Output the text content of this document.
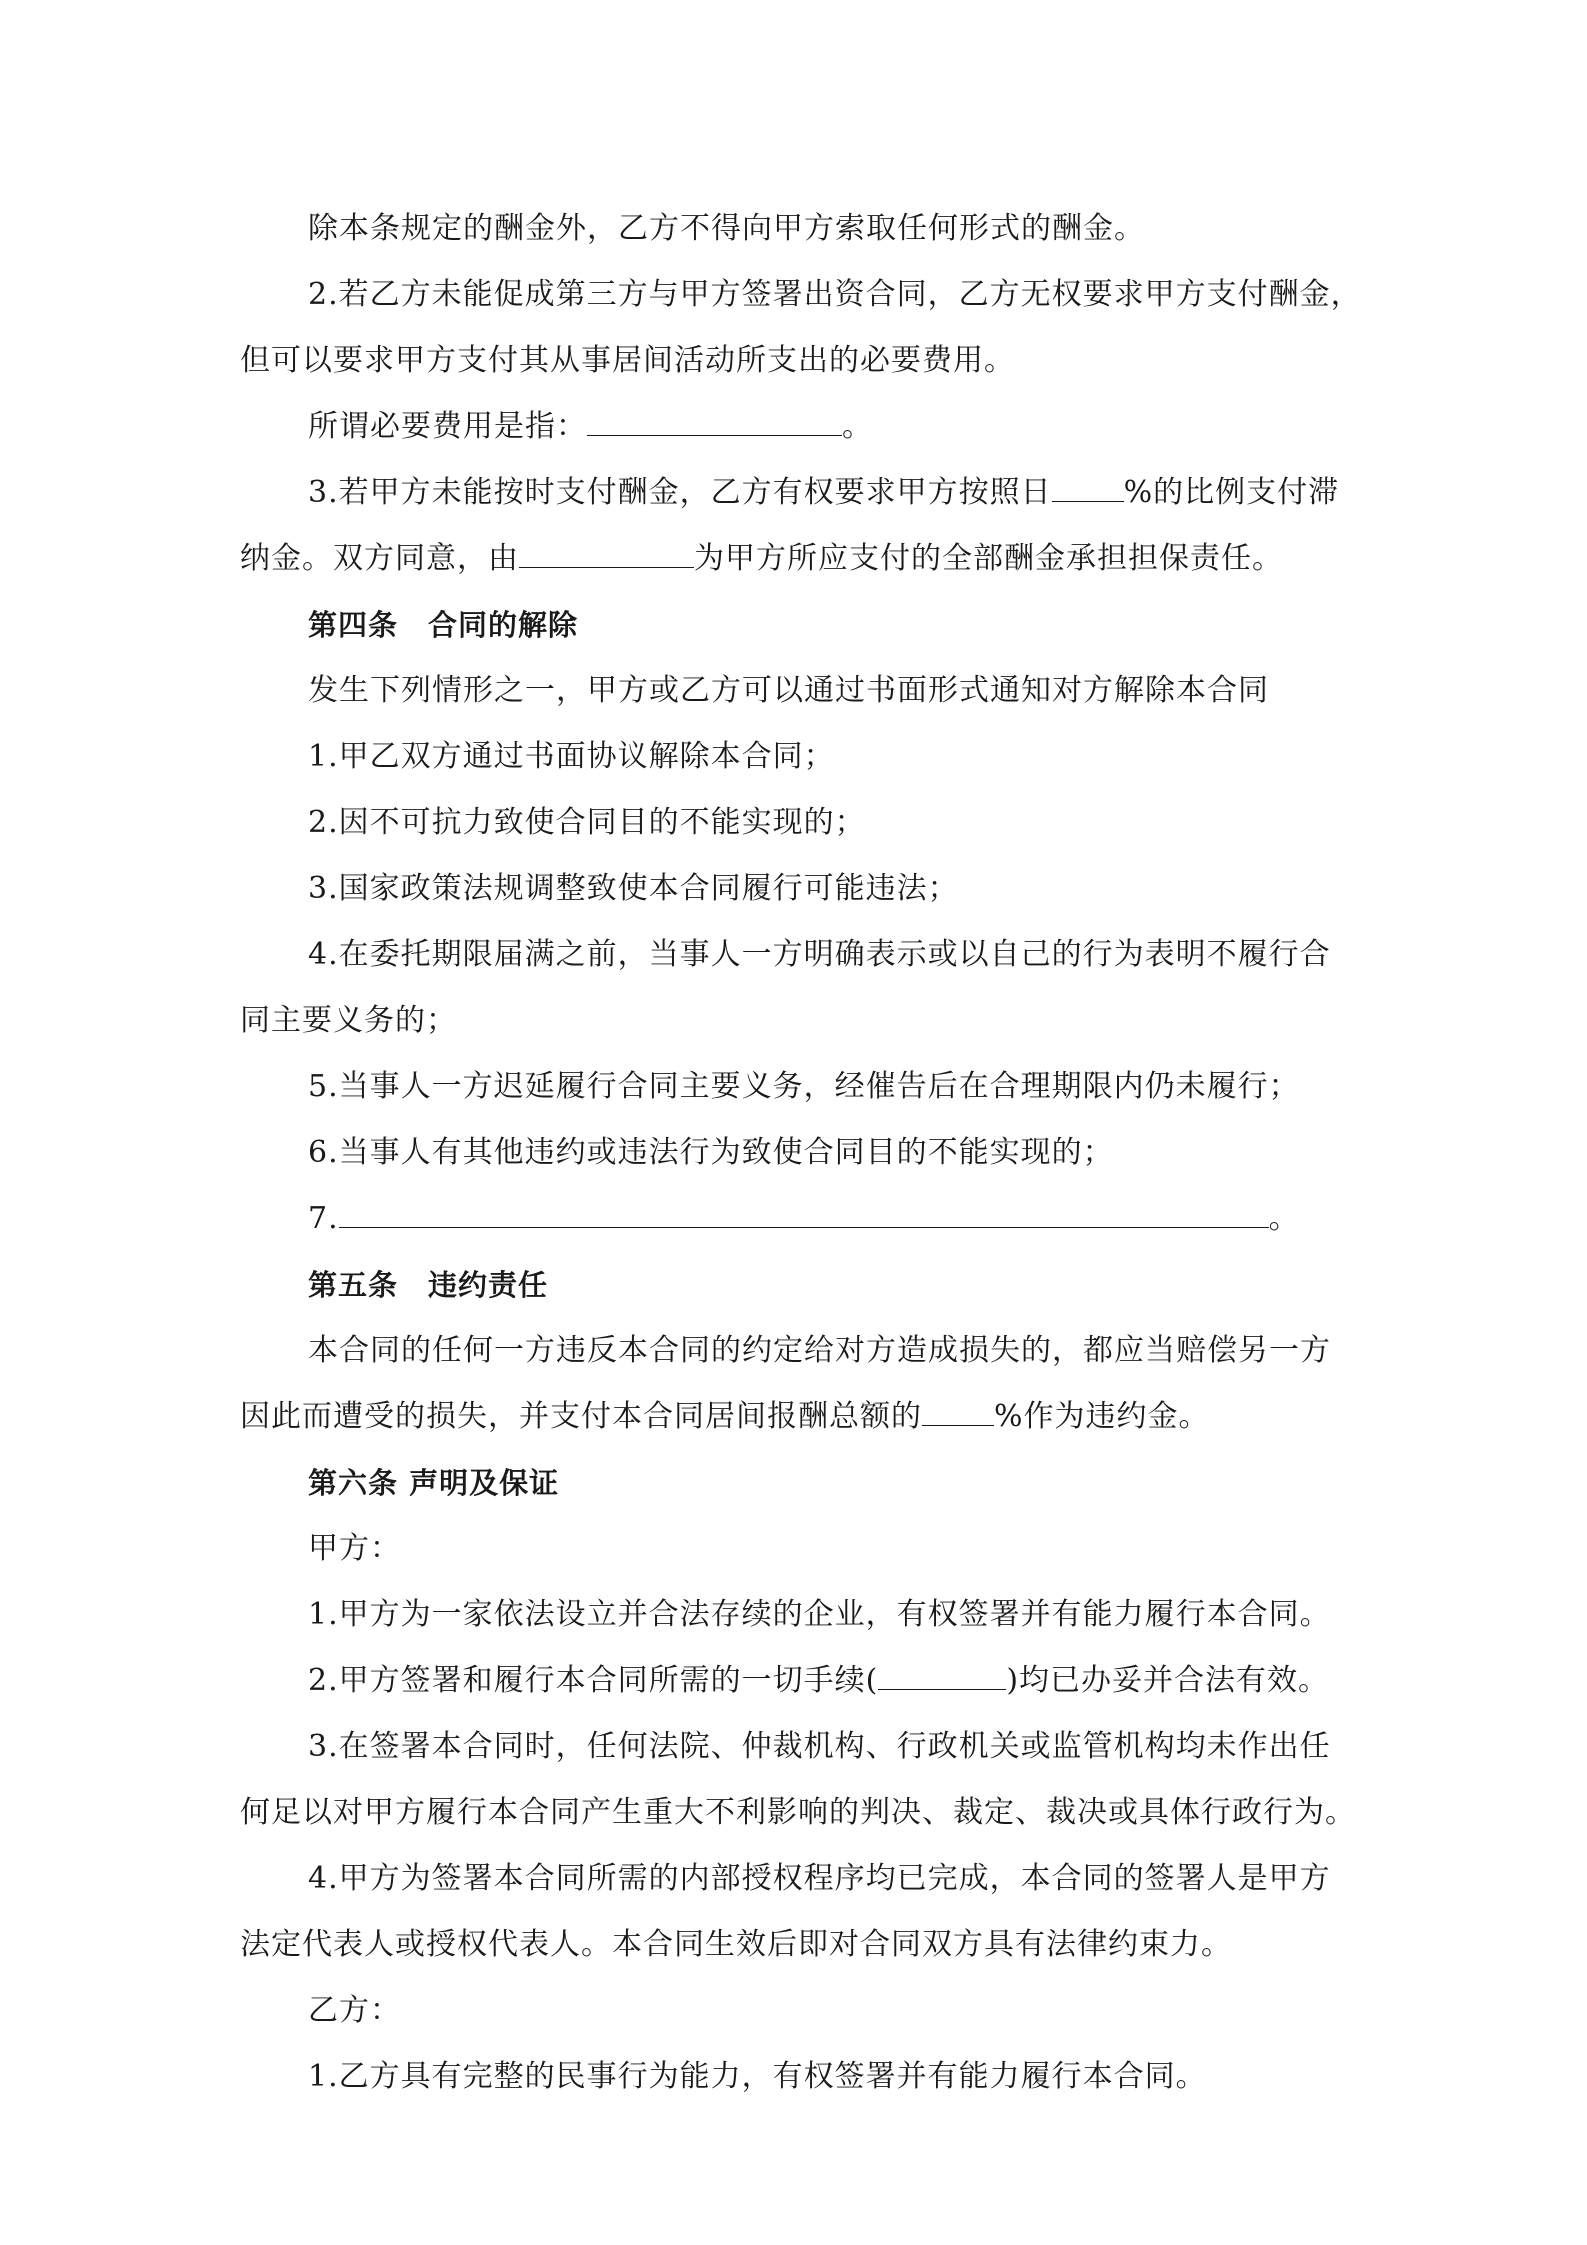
除本条规定的酬金外，乙方不得向甲方索取任何形式的酬金。
2.若乙方未能促成第三方与甲方签署出资合同，乙方无权要求甲方支付酬金，
但可以要求甲方支付其从事居间活动所支出的必要费用。
所谓必要费用是指：	。
3.若甲方未能按时支付酬金，乙方有权要求甲方按照日 %的比例支付滞
纳金。双方同意，由	为甲方所应支付的全部酬金承担担保责任。
第四条　合同的解除
发生下列情形之一，甲方或乙方可以通过书面形式通知对方解除本合同
1.甲乙双方通过书面协议解除本合同；
2.因不可抗力致使合同目的不能实现的；
3.国家政策法规调整致使本合同履行可能违法；
4.在委托期限届满之前，当事人一方明确表示或以自己的行为表明不履行合
同主要义务的；
5.当事人一方迟延履行合同主要义务，经催告后在合理期限内仍未履行；
6.当事人有其他违约或违法行为致使合同目的不能实现的；
7.	。
第五条　违约责任
本合同的任何一方违反本合同的约定给对方造成损失的，都应当赔偿另一方
因此而遭受的损失，并支付本合同居间报酬总额的 %作为违约金。
第六条 声明及保证
甲方：
1.甲方为一家依法设立并合法存续的企业，有权签署并有能力履行本合同。
2.甲方签署和履行本合同所需的一切手续(	)均已办妥并合法有效。
3.在签署本合同时，任何法院、仲裁机构、行政机关或监管机构均未作出任
何足以对甲方履行本合同产生重大不利影响的判决、裁定、裁决或具体行政行为。
4.甲方为签署本合同所需的内部授权程序均已完成，本合同的签署人是甲方
法定代表人或授权代表人。本合同生效后即对合同双方具有法律约束力。
乙方：
1.乙方具有完整的民事行为能力，有权签署并有能力履行本合同。
